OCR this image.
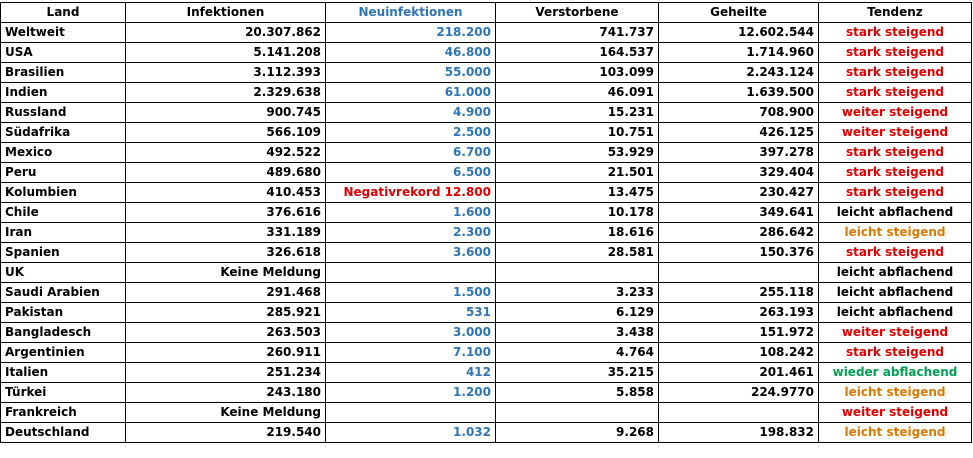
Land	Infektionen	Neuinfektionen	Verstorbene	Geheilte	Tendenz
Weltweit	20.307.862	218.200	741.737	12.602.544	stark steigend
USA	5.141.208	46.800	164.537	1.714.960	stark steigend
Brasilien	3.112.393	55.000	103.099	2.243.124	stark steigend
Indien	2.329.638	61.000	46.091	1.639.500	stark steigend
Russland	900.745	4.900	15.231	708.900	weiter steigend
Südafrika	566.109	2.500	10.751	426.125	weiter steigend
Mexico	492.522	6.700	53.929	397.278	stark steigend
Peru	489.680	6.500	21.501	329.404	stark steigend
Kolumbien	410.453	Negativrekord 12.800	13.475	230.427	stark steigend
Chile	376.616	1.600	10.178	349.641	leicht abflachend
Iran	331.189	2.300	18.616	286.642	leicht steigend
Spanien	326.618	3.600	28.581	150.376	stark steigend
UK	Keine Meldung				leicht abflachend
Saudi Arabien	291.468	1.500	3.233	255.118	leicht abflachend
Pakistan	285.921	531	6.129	263.193	leicht abflachend
Bangladesch	263.503	3.000	3.438	151.972	weiter steigend
Argentinien	260.911	7.100	4.764	108.242	stark steigend
Italien	251.234	412	35.215	201.461	wieder abflachend
Türkei	243.180	1.200	5.858	224.9770	leicht steigend
Frankreich	Keine Meldung				weiter steigend
Deutschland	219.540	1.032	9.268	198.832	leicht steigend
